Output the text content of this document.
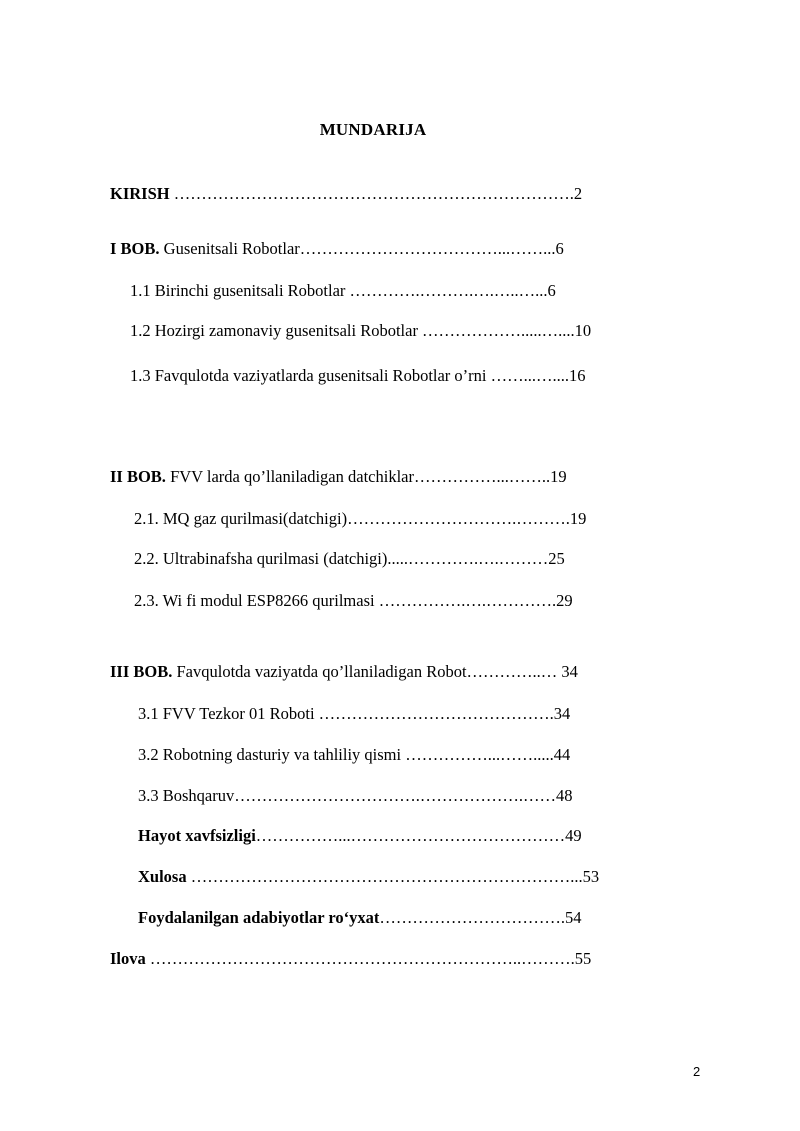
MUNDARIJA
KIRISH ……………………………………………………………….2
I BOB. Gusenitsali Robotlar………………………………...……...6
1.1 Birinchi gusenitsali Robotlar ………….……….….…..…...6
1.2 Hozirgi zamonaviy gusenitsali Robotlar ……………….....…....10
1.3 Favqulotda vaziyatlarda gusenitsali Robotlar o’rni ……...…....16
II BOB. FVV larda qo’llaniladigan datchiklar……………...……..19
2.1. MQ gaz qurilmasi(datchigi)………………………….……….19
2.2. Ultrabinafsha qurilmasi (datchigi).....………….….………25
2.3. Wi fi modul ESP8266 qurilmasi …………….….………….29
III BOB. Favqulotda vaziyatda qo’llaniladigan Robot…………..… 34
3.1 FVV Tezkor 01 Roboti …………………………………….34
3.2 Robotning dasturiy va tahliliy qismi ……………...…….....44
3.3 Boshqaruv…………………………….……………….……48
Hayot xavfsizligi……………...…………………………………49
Xulosa ……………………………………………………………...53
Foydalanilgan adabiyotlar ro‘yxat…………………………….54
Ilova …………………………………………………………..……….55
2
